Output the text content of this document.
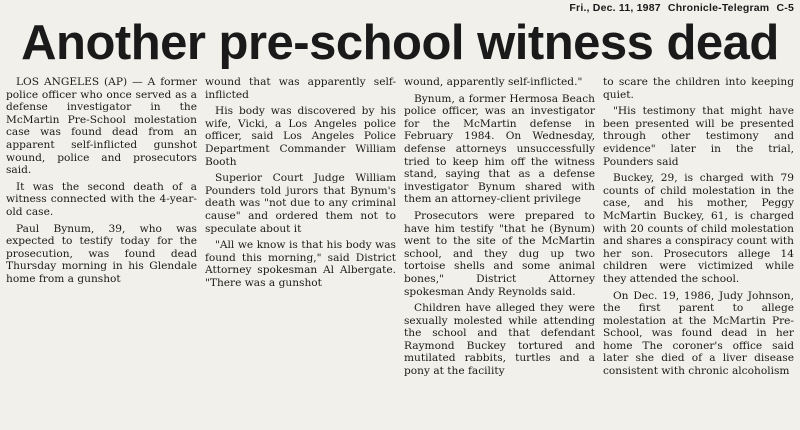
Fri., Dec. 11, 1987 Chronicle-Telegram C-5
Another pre-school witness dead

LOS ANGELES (AP) — A former police officer who once served as a defense investigator in the McMartin Pre-School molestation case was found dead from an apparent self-inflicted gunshot wound, police and prosecutors said.

It was the second death of a witness connected with the 4-year-old case.

Paul Bynum, 39, who was expected to testify today for the prosecution, was found dead Thursday morning in his Glendale home from a gunshot

wound that was apparently self-inflicted

His body was discovered by his wife, Vicki, a Los Angeles police officer, said Los Angeles Police Department Commander William Booth

Superior Court Judge William Pounders told jurors that Bynum's death was "not due to any criminal cause" and ordered them not to speculate about it

"All we know is that his body was found this morning," said District Attorney spokesman Al Albergate. "There was a gunshot

wound, apparently self-inflicted."

Bynum, a former Hermosa Beach police officer, was an investigator for the McMartin defense in February 1984. On Wednesday, defense attorneys unsuccessfully tried to keep him off the witness stand, saying that as a defense investigator Bynum shared with them an attorney-client privilege

Prosecutors were prepared to have him testify "that he (Bynum) went to the site of the McMartin school, and they dug up two tortoise shells and some animal bones," District Attorney spokesman Andy Reynolds said.

Children have alleged they were sexually molested while attending the school and that defendant Raymond Buckey tortured and mutilated rabbits, turtles and a pony at the facility

to scare the children into keeping quiet.

"His testimony that might have been presented will be presented through other testimony and evidence" later in the trial, Pounders said

Buckey, 29, is charged with 79 counts of child molestation in the case, and his mother, Peggy McMartin Buckey, 61, is charged with 20 counts of child molestation and shares a conspiracy count with her son. Prosecutors allege 14 children were victimized while they attended the school.

On Dec. 19, 1986, Judy Johnson, the first parent to allege molestation at the McMartin Pre-School, was found dead in her home The coroner's office said later she died of a liver disease consistent with chronic alcoholism
